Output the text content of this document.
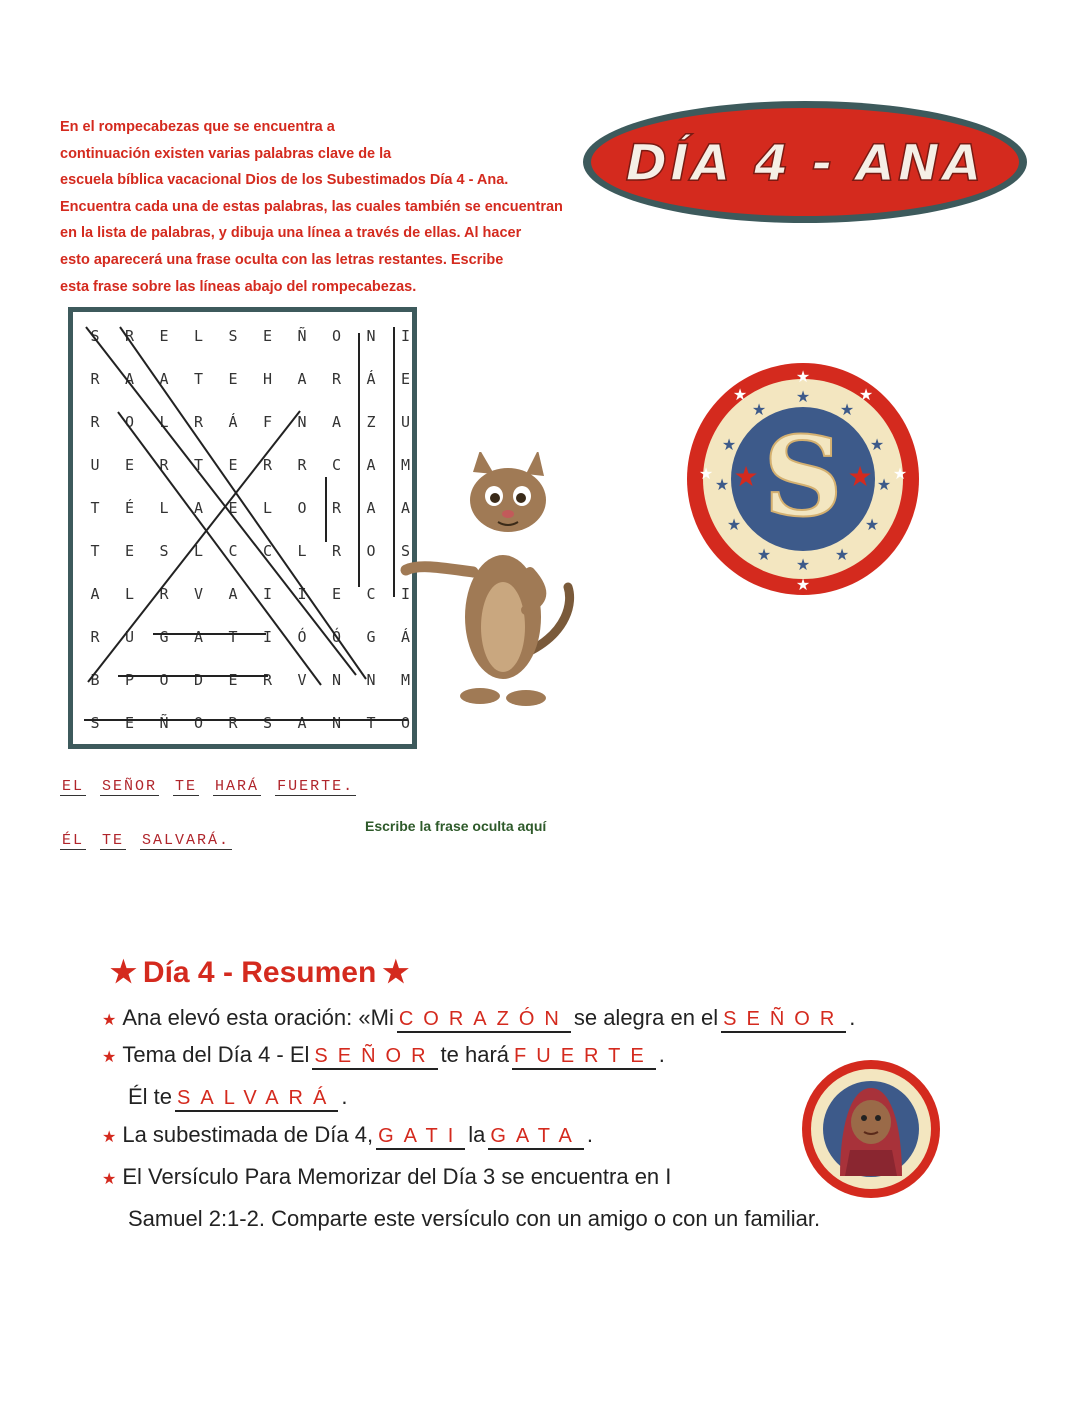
En el rompecabezas que se encuentra a
continuación existen varias palabras clave de la
escuela bíblica vacacional Dios de los Subestimados Día 4 - Ana.
Encuentra cada una de estas palabras, las cuales también se encuentran
en la lista de palabras, y dibuja una línea a través de ellas. Al hacer
esto aparecerá una frase oculta con las letras restantes. Escribe
esta frase sobre las líneas abajo del rompecabezas.
DÍA 4 - ANA
S R E L S E Ñ O N I
R A A T E H A R Á E
R O L R Á F N A Z U
U E R T E R R C A M
T É L A E L O R A A
T E S L C C L R O S
A L R V A I I E C I
R U G A T I Ó Ó G Á
B P O D E R V N N M
S E Ñ O R S A N T O
★
★	★
★	★
★	★
★	★
★	★
★
★
★	★
★	★
★
S
★	★
EL SEÑOR TE HARÁ FUERTE.
ÉL TE SALVARÁ.
Escribe la frase oculta aquí
★ Día 4 - Resumen ★
★ Ana elevó esta oración: «Mi CORAZÓN se alegra en el SEÑOR .
★ Tema del Día 4 - El SEÑOR te hará FUERTE .
Él te SALVARÁ .
★ La subestimada de Día 4, GATI la GATA .
★ El Versículo Para Memorizar del Día 3 se encuentra en I
Samuel 2:1-2. Comparte este versículo con un amigo o con un familiar.
